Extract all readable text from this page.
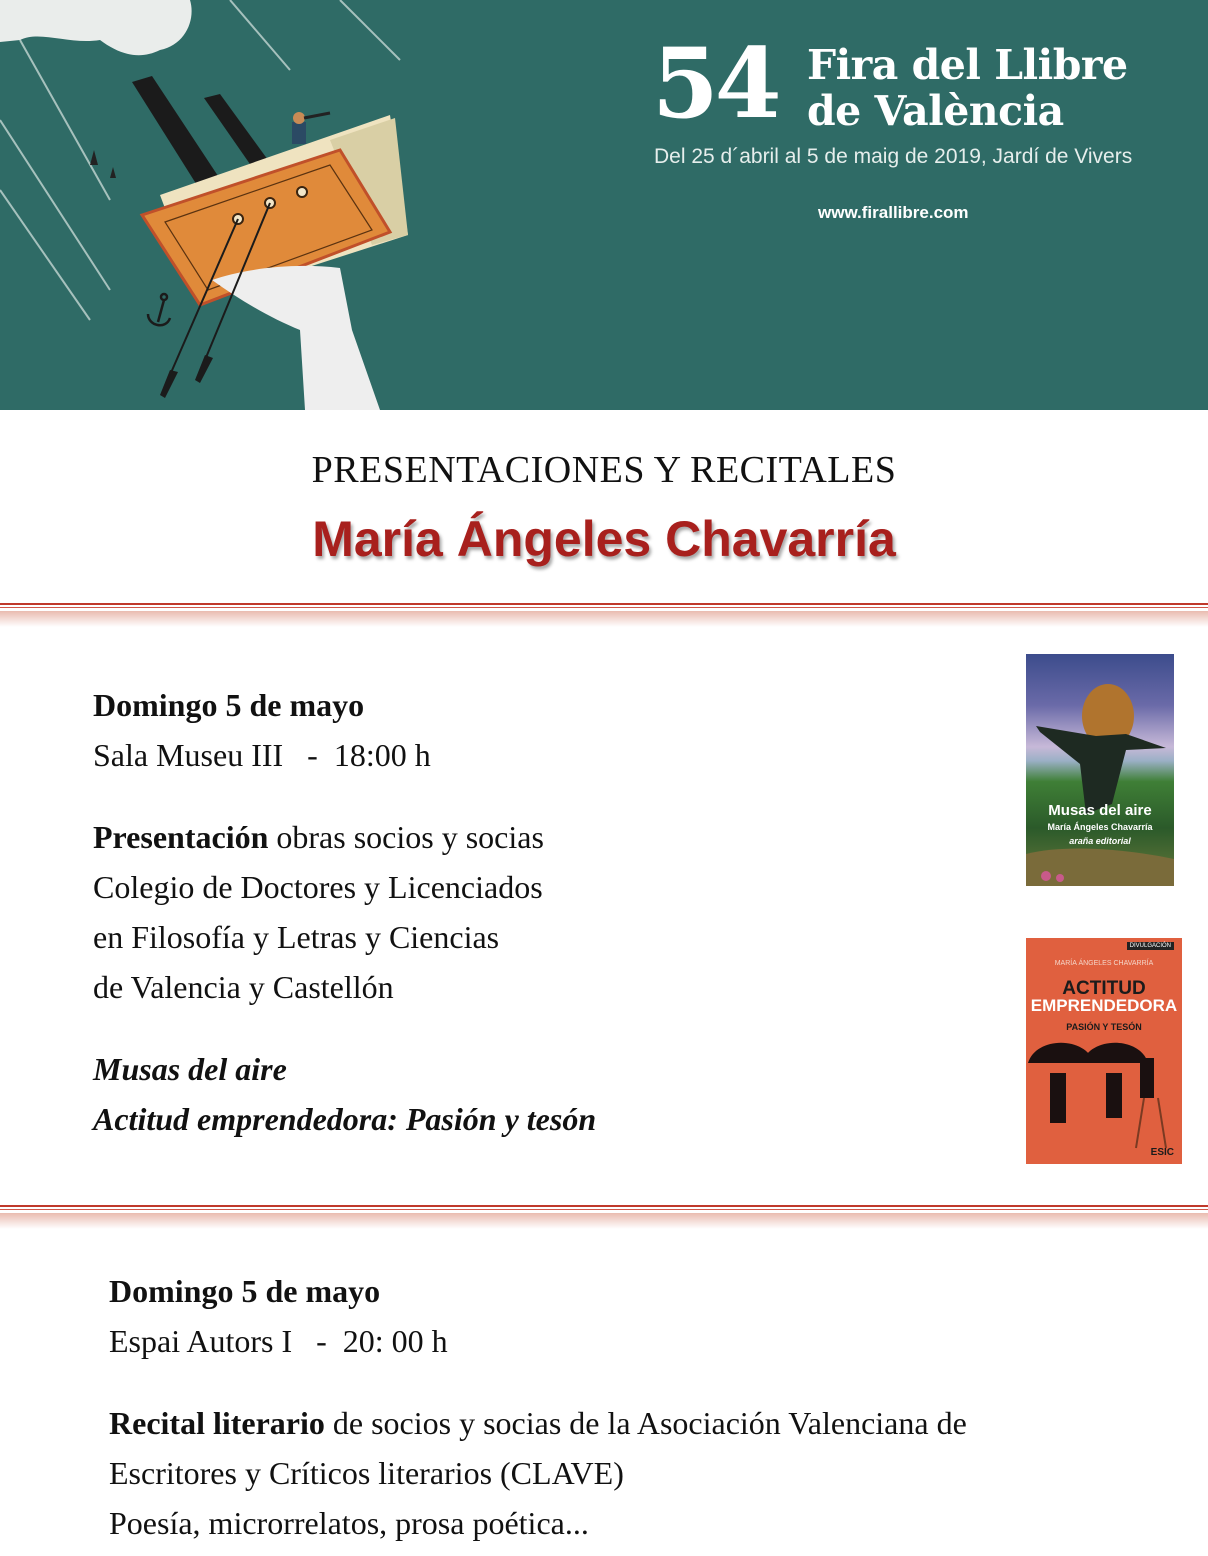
54 Fira del Llibre
de València
Del 25 d´abril al 5 de maig de 2019, Jardí de Vivers
www.firallibre.com
PRESENTACIONES Y RECITALES
María Ángeles Chavarría

Domingo 5 de mayo

Sala Museu III   -  18:00 h

Presentación obras socios y socias

Colegio de Doctores y Licenciados

en Filosofía y Letras y Ciencias

de Valencia y Castellón

Musas del aire

Actitud emprendedora: Pasión y tesón

Musas del aire
María Ángeles Chavarría
araña editorial
DIVULGACIÓN
MARÍA ÁNGELES CHAVARRÍA
ACTITUD
EMPRENDEDORA
PASIÓN Y TESÓN
ESIC

Domingo 5 de mayo

Espai Autors I   -  20: 00 h

Recital literario de socios y socias de la Asociación Valenciana de

Escritores y Críticos literarios (CLAVE)

Poesía, microrrelatos, prosa poética...
